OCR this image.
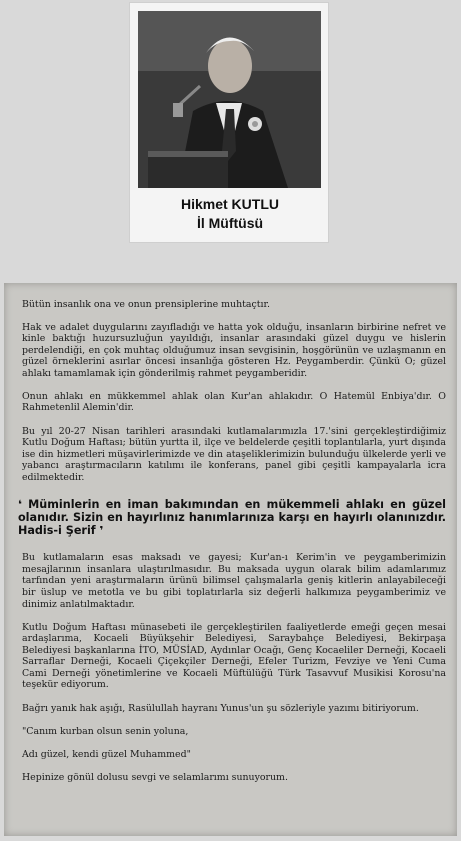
Hikmet KUTLU
İl Müftüsü

Bütün insanlık ona ve onun prensiplerine muhtaçtır.

Hak ve adalet duygularını zayıfladığı ve hatta yok olduğu, insanların birbirine nefret ve kinle baktığı huzursuzluğun yayıldığı, insanlar arasındaki güzel duygu ve hislerin perdelendiği, en çok muhtaç olduğumuz insan sevgisinin, hoşgörünün ve uzlaşmanın en güzel örneklerini asırlar öncesi insanlığa gösteren Hz. Peygamberdir. Çünkü O; güzel ahlakı tamamlamak için gönderilmiş rahmet peygamberidir.

Onun ahlakı en mükkemmel ahlak olan Kur'an ahlakıdır. O Hatemül Enbiya'dır. O Rahmetenlil Alemin'dir.

Bu yıl 20-27 Nisan tarihleri arasındaki kutlamalarımızla 17.'sini gerçekleştirdiğimiz Kutlu Doğum Haftası; bütün yurtta il, ilçe ve beldelerde çeşitli toplantılarla, yurt dışında ise din hizmetleri müşavirlerimizde ve din ataşeliklerimizin bulunduğu ülkelerde yerli ve yabancı araştırmacıların katılımı ile konferans, panel gibi çeşitli kampayalarla icra edilmektedir.

❛ Müminlerin en iman bakımından en mükemmeli ahlakı en güzel olanıdır. Sizin en hayırlınız hanımlarınıza karşı en hayırlı olanınızdır. Hadis-i Şerif ❜

Bu kutlamaların esas maksadı ve gayesi; Kur'an-ı Kerim'in ve peygamberimizin mesajlarının insanlara ulaştırılmasıdır. Bu maksada uygun olarak bilim adamlarımız tarfından yeni araştırmaların ürünü bilimsel çalışmalarla geniş kitlerin anlayabileceği bir üslup ve metotla ve bu gibi toplatırlarla siz değerli halkımıza peygamberimiz ve dinimiz anlatılmaktadır.

Kutlu Doğum Haftası münasebeti ile gerçekleştirilen faaliyetlerde emeği geçen mesai ardaşlarıma, Kocaeli Büyükşehir Belediyesi, Saraybahçe Belediyesi, Bekirpaşa Belediyesi başkanlarına İTO, MÜSİAD, Aydınlar Ocağı, Genç Kocaeliler Derneği, Kocaeli Sarraflar Derneği, Kocaeli Çiçekçiler Derneği, Efeler Turizm, Fevziye ve Yeni Cuma Cami Derneği yönetimlerine ve Kocaeli Müftülüğü Türk Tasavvuf Musikisi Korosu'na teşekür ediyorum.

Bağrı yanık hak aşığı, Rasülullah hayranı Yunus'un şu sözleriyle yazımı bitiriyorum.

"Canım kurban olsun senin yoluna,

Adı güzel, kendi güzel Muhammed"

Hepinize gönül dolusu sevgi ve selamlarımı sunuyorum.
